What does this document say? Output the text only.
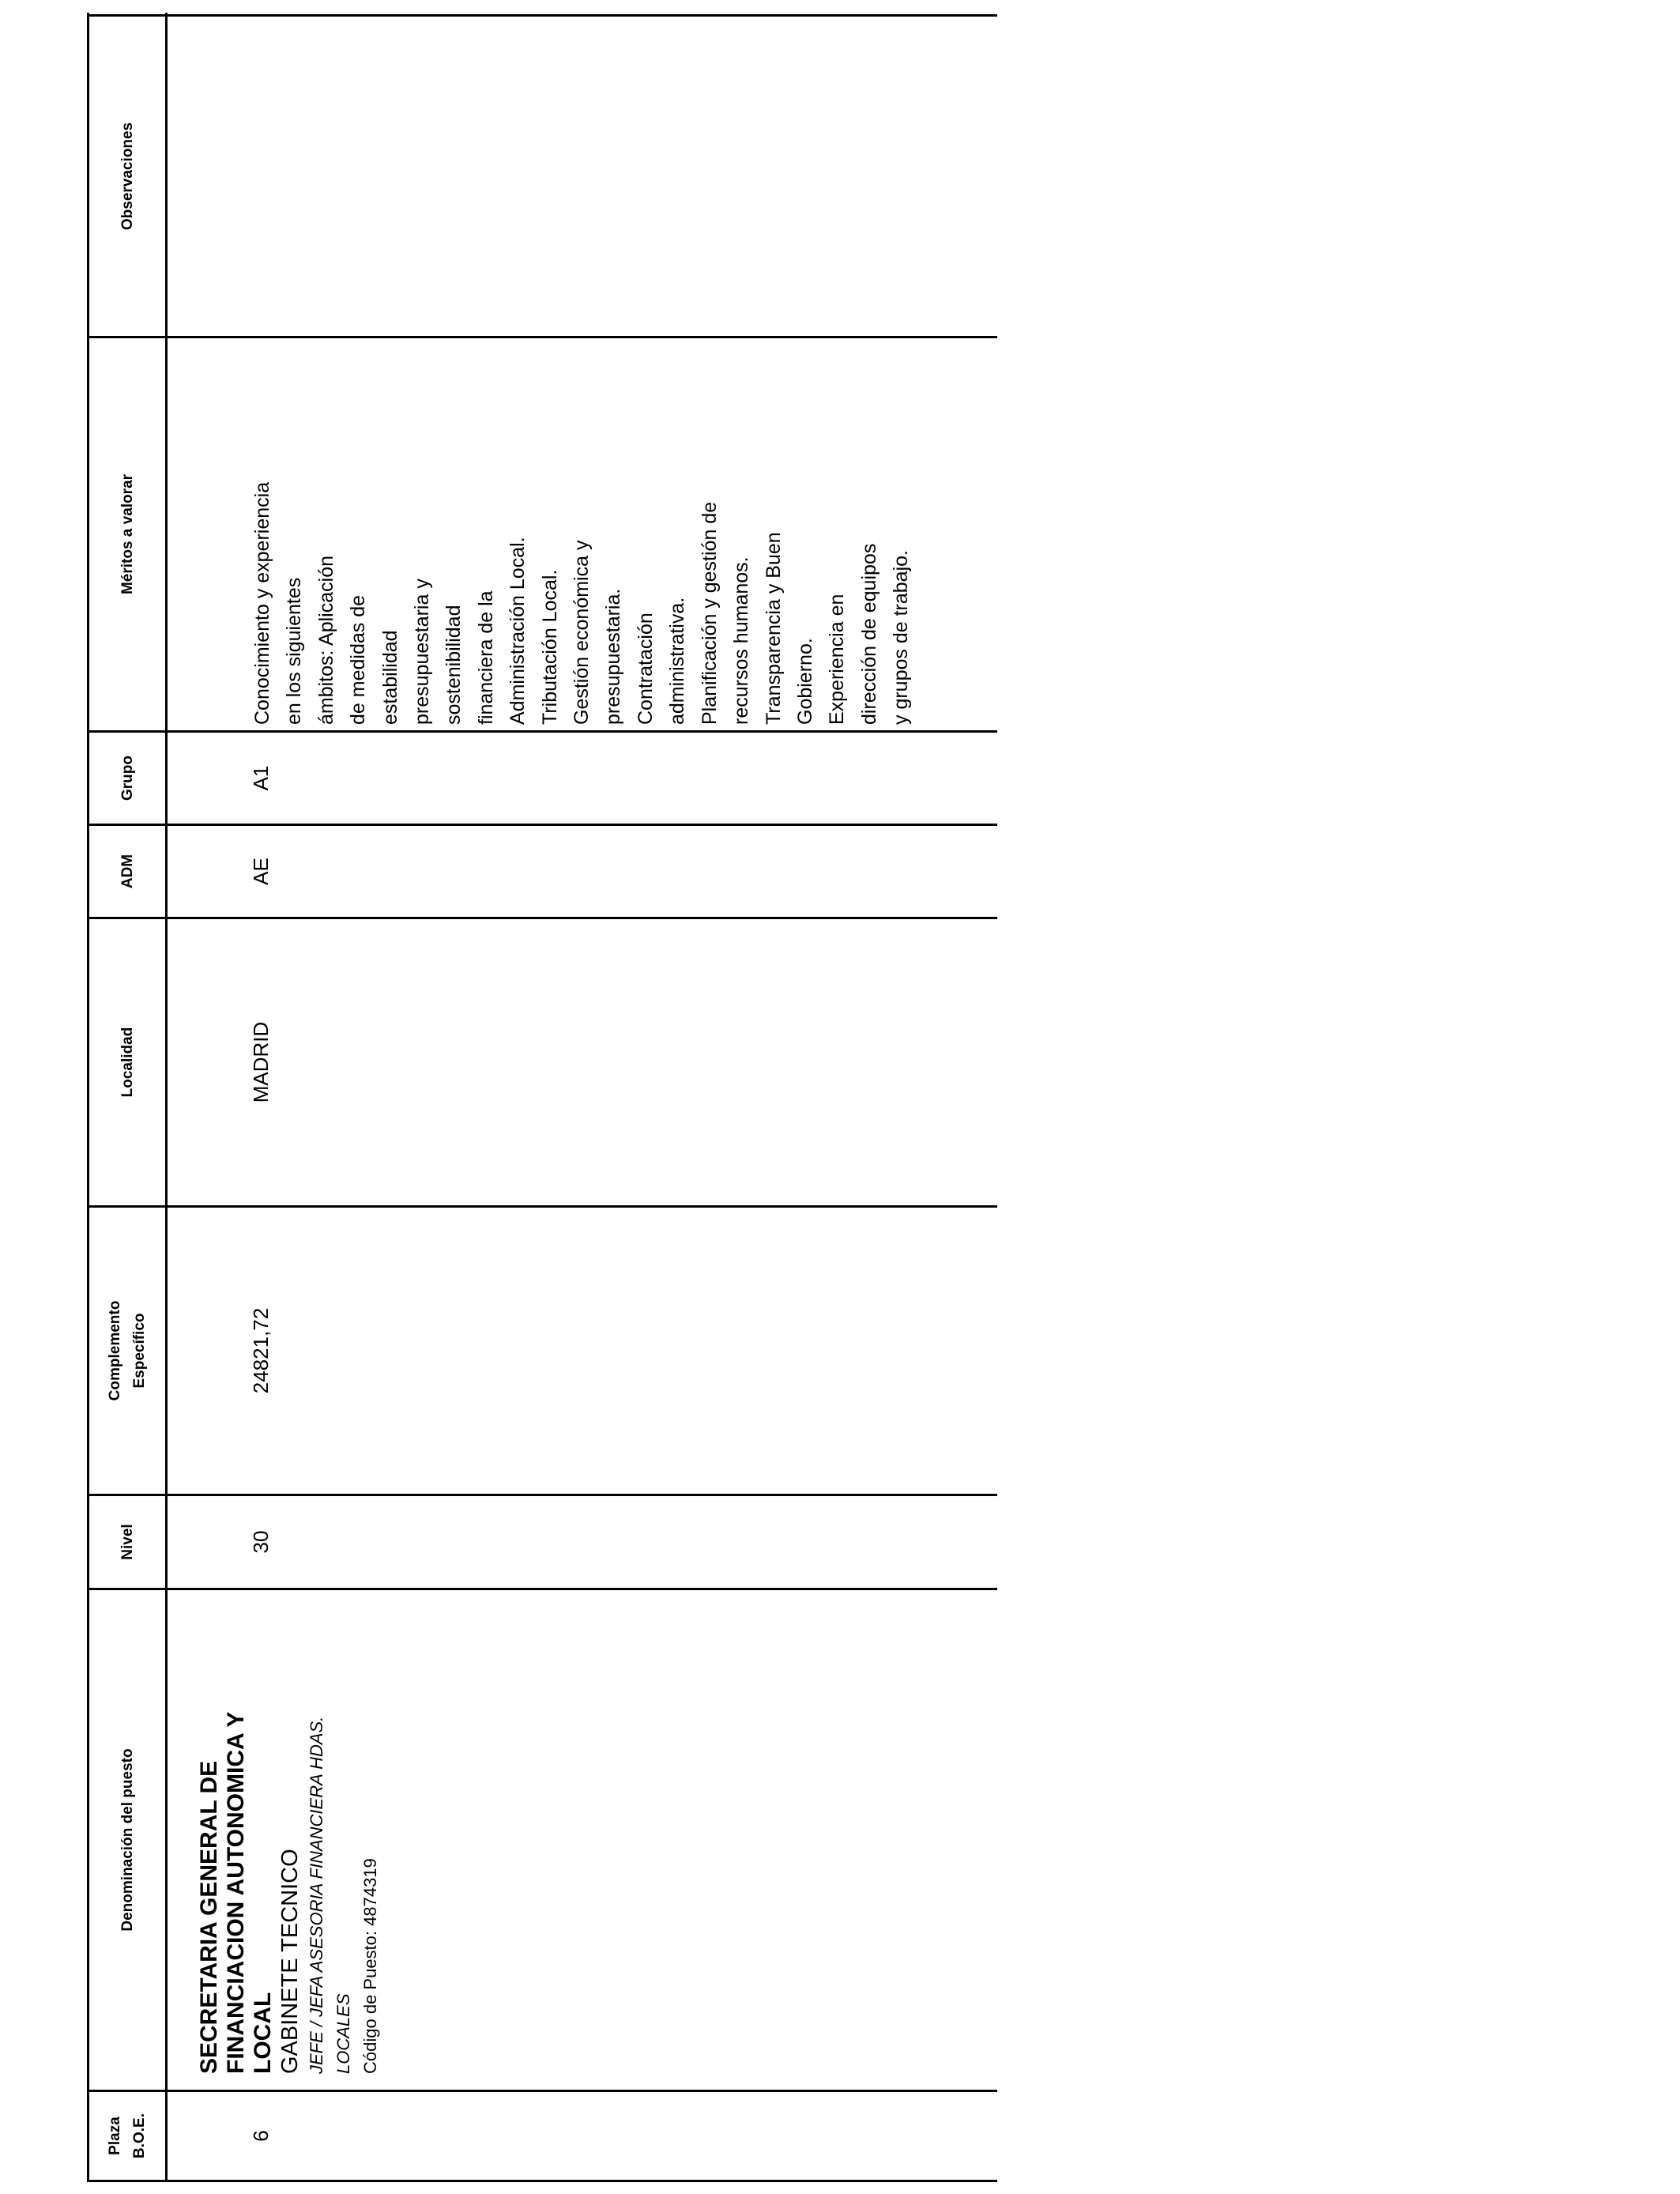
Plaza B.O.E.
Denominación del puesto
Nivel
Complemento Específico
Localidad
ADM
Grupo
Méritos a valorar
Observaciones
6
SECRETARIA GENERAL DE FINANCIACION AUTONOMICA Y LOCAL GABINETE TECNICO JEFE / JEFA ASESORIA FINANCIERA HDAS. LOCALES Código de Puesto: 4874319
30
24821,72
MADRID
AE
A1
Conocimiento y experiencia en los siguientes ámbitos: Aplicación de medidas de estabilidad presupuestaria y sostenibilidad financiera de la Administración Local. Tributación Local. Gestión económica y presupuestaria. Contratación administrativa. Planificación y gestión de recursos humanos. Transparencia y Buen Gobierno. Experiencia en dirección de equipos y grupos de trabajo.
